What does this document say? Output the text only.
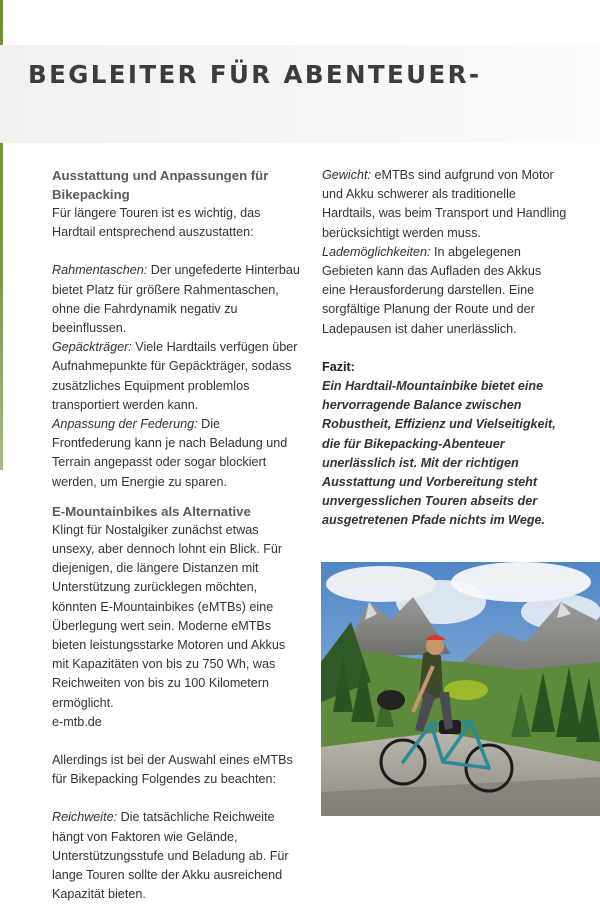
BEGLEITER FÜR ABENTEUER-

Ausstattung und Anpassungen für Bikepacking

Für längere Touren ist es wichtig, das Hardtail entsprechend auszustatten:

Rahmentaschen: Der ungefederte Hinterbau bietet Platz für größere Rahmentaschen, ohne die Fahrdynamik negativ zu beeinflussen.

Gepäckträger: Viele Hardtails verfügen über Aufnahmepunkte für Gepäckträger, sodass zusätzliches Equipment problemlos transportiert werden kann.

Anpassung der Federung: Die Frontfederung kann je nach Beladung und Terrain angepasst oder sogar blockiert werden, um Energie zu sparen.

E-Mountainbikes als Alternative

Klingt für Nostalgiker zunächst etwas unsexy, aber dennoch lohnt ein Blick. Für diejenigen, die längere Distanzen mit Unterstützung zurücklegen möchten, könnten E-Mountainbikes (eMTBs) eine Überlegung wert sein. Moderne eMTBs bieten leistungsstarke Motoren und Akkus mit Kapazitäten von bis zu 750 Wh, was Reichweiten von bis zu 100 Kilometern ermöglicht.

e-mtb.de

Allerdings ist bei der Auswahl eines eMTBs für Bikepacking Folgendes zu beachten:

Reichweite: Die tatsächliche Reichweite hängt von Faktoren wie Gelände, Unterstützungsstufe und Beladung ab. Für lange Touren sollte der Akku ausreichend Kapazität bieten.

Gewicht: eMTBs sind aufgrund von Motor und Akku schwerer als traditionelle Hardtails, was beim Transport und Handling berücksichtigt werden muss.

Lademöglichkeiten: In abgelegenen Gebieten kann das Aufladen des Akkus eine Herausforderung darstellen. Eine sorgfältige Planung der Route und der Ladepausen ist daher unerlässlich.

Fazit:

Ein Hardtail-Mountainbike bietet eine hervorragende Balance zwischen Robustheit, Effizienz und Vielseitigkeit, die für Bikepacking-Abenteuer unerlässlich ist. Mit der richtigen Ausstattung und Vorbereitung steht unvergesslichen Touren abseits der ausgetretenen Pfade nichts im Wege.
